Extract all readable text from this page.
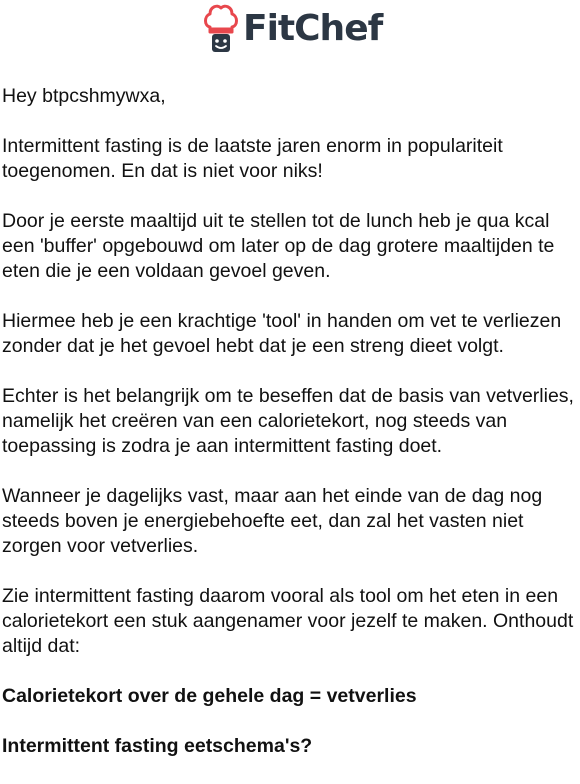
FitChef

Hey btpcshmywxa,

Intermittent fasting is de laatste jaren enorm in populariteit toegenomen. En dat is niet voor niks!

Door je eerste maaltijd uit te stellen tot de lunch heb je qua kcal een 'buffer' opgebouwd om later op de dag grotere maaltijden te eten die je een voldaan gevoel geven.

Hiermee heb je een krachtige 'tool' in handen om vet te verliezen zonder dat je het gevoel hebt dat je een streng dieet volgt.

Echter is het belangrijk om te beseffen dat de basis van vetverlies, namelijk het creëren van een calorietekort, nog steeds van toepassing is zodra je aan intermittent fasting doet.

Wanneer je dagelijks vast, maar aan het einde van de dag nog steeds boven je energiebehoefte eet, dan zal het vasten niet zorgen voor vetverlies.

Zie intermittent fasting daarom vooral als tool om het eten in een calorietekort een stuk aangenamer voor jezelf te maken. Onthoudt altijd dat:

Calorietekort over de gehele dag = vetverlies

Intermittent fasting eetschema's?
